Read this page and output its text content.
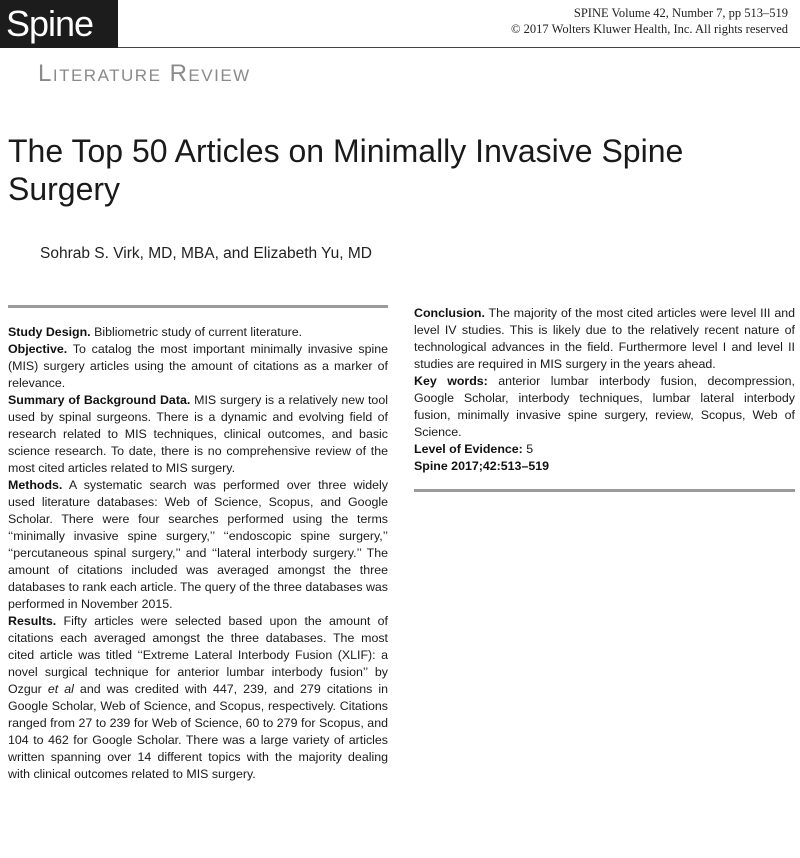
Spine	SPINE Volume 42, Number 7, pp 513–519
© 2017 Wolters Kluwer Health, Inc. All rights reserved
Literature Review
The Top 50 Articles on Minimally Invasive Spine Surgery
Sohrab S. Virk, MD, MBA, and Elizabeth Yu, MD

Study Design. Bibliometric study of current literature.

Objective. To catalog the most important minimally invasive spine (MIS) surgery articles using the amount of citations as a marker of relevance.

Summary of Background Data. MIS surgery is a relatively new tool used by spinal surgeons. There is a dynamic and evolving field of research related to MIS techniques, clinical outcomes, and basic science research. To date, there is no comprehensive review of the most cited articles related to MIS surgery.

Methods. A systematic search was performed over three widely used literature databases: Web of Science, Scopus, and Google Scholar. There were four searches performed using the terms ‘‘minimally invasive spine surgery,’’ ‘‘endoscopic spine surgery,’’ ‘‘percutaneous spinal surgery,’’ and ‘‘lateral interbody surgery.’’ The amount of citations included was averaged amongst the three databases to rank each article. The query of the three databases was performed in November 2015.

Results. Fifty articles were selected based upon the amount of citations each averaged amongst the three databases. The most cited article was titled ‘‘Extreme Lateral Interbody Fusion (XLIF): a novel surgical technique for anterior lumbar interbody fusion’’ by Ozgur et al and was credited with 447, 239, and 279 citations in Google Scholar, Web of Science, and Scopus, respectively. Citations ranged from 27 to 239 for Web of Science, 60 to 279 for Scopus, and 104 to 462 for Google Scholar. There was a large variety of articles written spanning over 14 different topics with the majority dealing with clinical outcomes related to MIS surgery.

Conclusion. The majority of the most cited articles were level III and level IV studies. This is likely due to the relatively recent nature of technological advances in the field. Furthermore level I and level II studies are required in MIS surgery in the years ahead.

Key words: anterior lumbar interbody fusion, decompression, Google Scholar, interbody techniques, lumbar lateral interbody fusion, minimally invasive spine surgery, review, Scopus, Web of Science.

Level of Evidence: 5

Spine 2017;42:513–519
